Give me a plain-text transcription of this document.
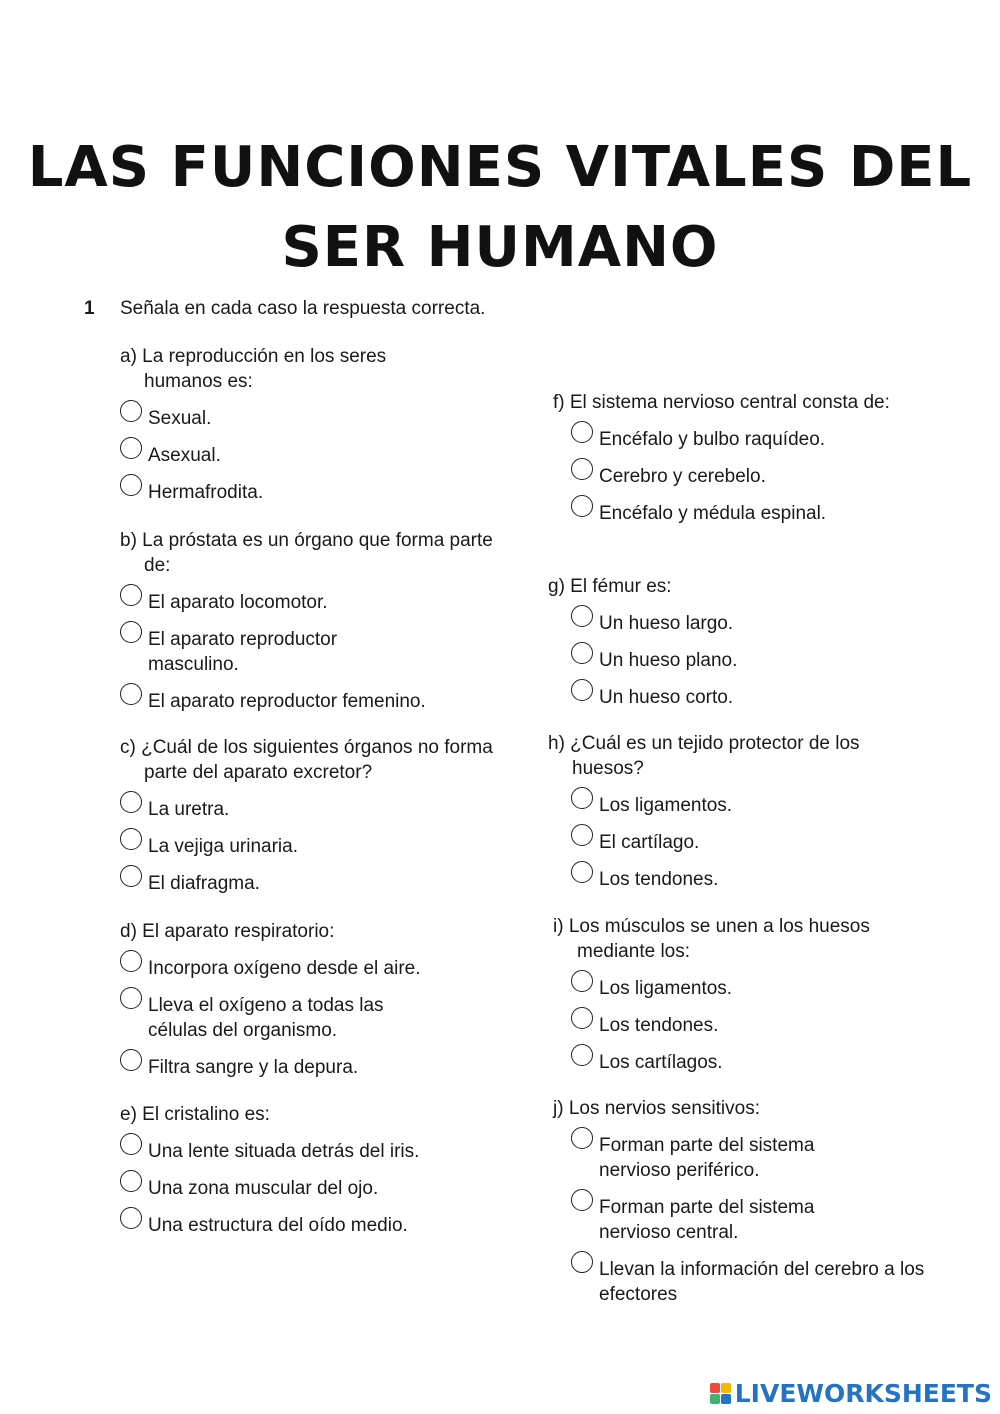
LAS FUNCIONES VITALES DEL
SER HUMANO
1 Señala en cada caso la respuesta correcta.
a) La reproducción en los seres humanos es:
Sexual.
Asexual.
Hermafrodita.
b) La próstata es un órgano que forma parte de:
El aparato locomotor.
El aparato reproductor masculino.
El aparato reproductor femenino.
c) ¿Cuál de los siguientes órganos no forma parte del aparato excretor?
La uretra.
La vejiga urinaria.
El diafragma.
d) El aparato respiratorio:
Incorpora oxígeno desde el aire.
Lleva el oxígeno a todas las células del organismo.
Filtra sangre y la depura.
e) El cristalino es:
Una lente situada detrás del iris.
Una zona muscular del ojo.
Una estructura del oído medio.
f) El sistema nervioso central consta de:
Encéfalo y bulbo raquídeo.
Cerebro y cerebelo.
Encéfalo y médula espinal.
g) El fémur es:
Un hueso largo.
Un hueso plano.
Un hueso corto.
h) ¿Cuál es un tejido protector de los huesos?
Los ligamentos.
El cartílago.
Los tendones.
i) Los músculos se unen a los huesos mediante los:
Los ligamentos.
Los tendones.
Los cartílagos.
j) Los nervios sensitivos:
Forman parte del sistema nervioso periférico.
Forman parte del sistema nervioso central.
Llevan la información del cerebro a los efectores
LIVEWORKSHEETS
